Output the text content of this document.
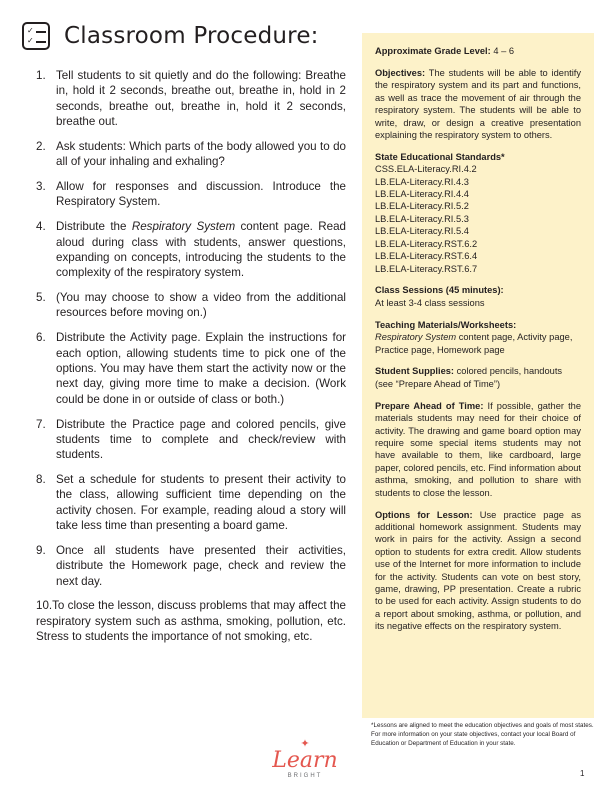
✓
✓ Classroom Procedure:
1. Tell students to sit quietly and do the following: Breathe in, hold it 2 seconds, breathe out, breathe in, hold in 2 seconds, breathe out, breathe in, hold it 2 seconds, breathe out.
2. Ask students: Which parts of the body allowed you to do all of your inhaling and exhaling?
3. Allow for responses and discussion. Introduce the Respiratory System.
4. Distribute the Respiratory System content page. Read aloud during class with students, answer questions, expanding on concepts, introducing the students to the complexity of the respiratory system.
5. (You may choose to show a video from the additional resources before moving on.)
6. Distribute the Activity page. Explain the instructions for each option, allowing students time to pick one of the options. You may have them start the activity now or the next day, giving more time to make a decision. (Work could be done in or outside of class or both.)
7. Distribute the Practice page and colored pencils, give students time to complete and check/review with students.
8. Set a schedule for students to present their activity to the class, allowing sufficient time depending on the activity chosen. For example, reading aloud a story will take less time than presenting a board game.
9. Once all students have presented their activities, distribute the Homework page, check and review the next day.
10.To close the lesson, discuss problems that may affect the respiratory system such as asthma, smoking, pollution, etc. Stress to students the importance of not smoking, etc.

Approximate Grade Level: 4 – 6

Objectives: The students will be able to identify the respiratory system and its part and functions, as well as trace the movement of air through the respiratory system. The students will be able to write, draw, or design a creative presentation explaining the respiratory system to others.

State Educational Standards*
CSS.ELA-Literacy.RI.4.2
LB.ELA-Literacy.RI.4.3
LB.ELA-Literacy.RI.4.4
LB.ELA-Literacy.RI.5.2
LB.ELA-Literacy.RI.5.3
LB.ELA-Literacy.RI.5.4
LB.ELA-Literacy.RST.6.2
LB.ELA-Literacy.RST.6.4
LB.ELA-Literacy.RST.6.7

Class Sessions (45 minutes):
At least 3-4 class sessions

Teaching Materials/Worksheets:
Respiratory System content page, Activity page, Practice page, Homework page

Student Supplies: colored pencils, handouts (see “Prepare Ahead of Time”)

Prepare Ahead of Time: If possible, gather the materials students may need for their choice of activity. The drawing and game board option may require some special items students may not have available to them, like cardboard, large paper, colored pencils, etc. Find information about asthma, smoking, and pollution to share with students to close the lesson.

Options for Lesson: Use practice page as additional homework assignment. Students may work in pairs for the activity. Assign a second option to students for extra credit. Allow students use of the Internet for more information to include for the activity. Students can vote on best story, game, drawing, PP presentation. Create a rubric to be used for each activity. Assign students to do a report about smoking, asthma, or pollution, and its negative effects on the respiratory system.

*Lessons are aligned to meet the education objectives and goals of most states. For more information on your state objectives, contact your local Board of Education or Department of Education in your state.
✦
Learn
BRIGHT	1
